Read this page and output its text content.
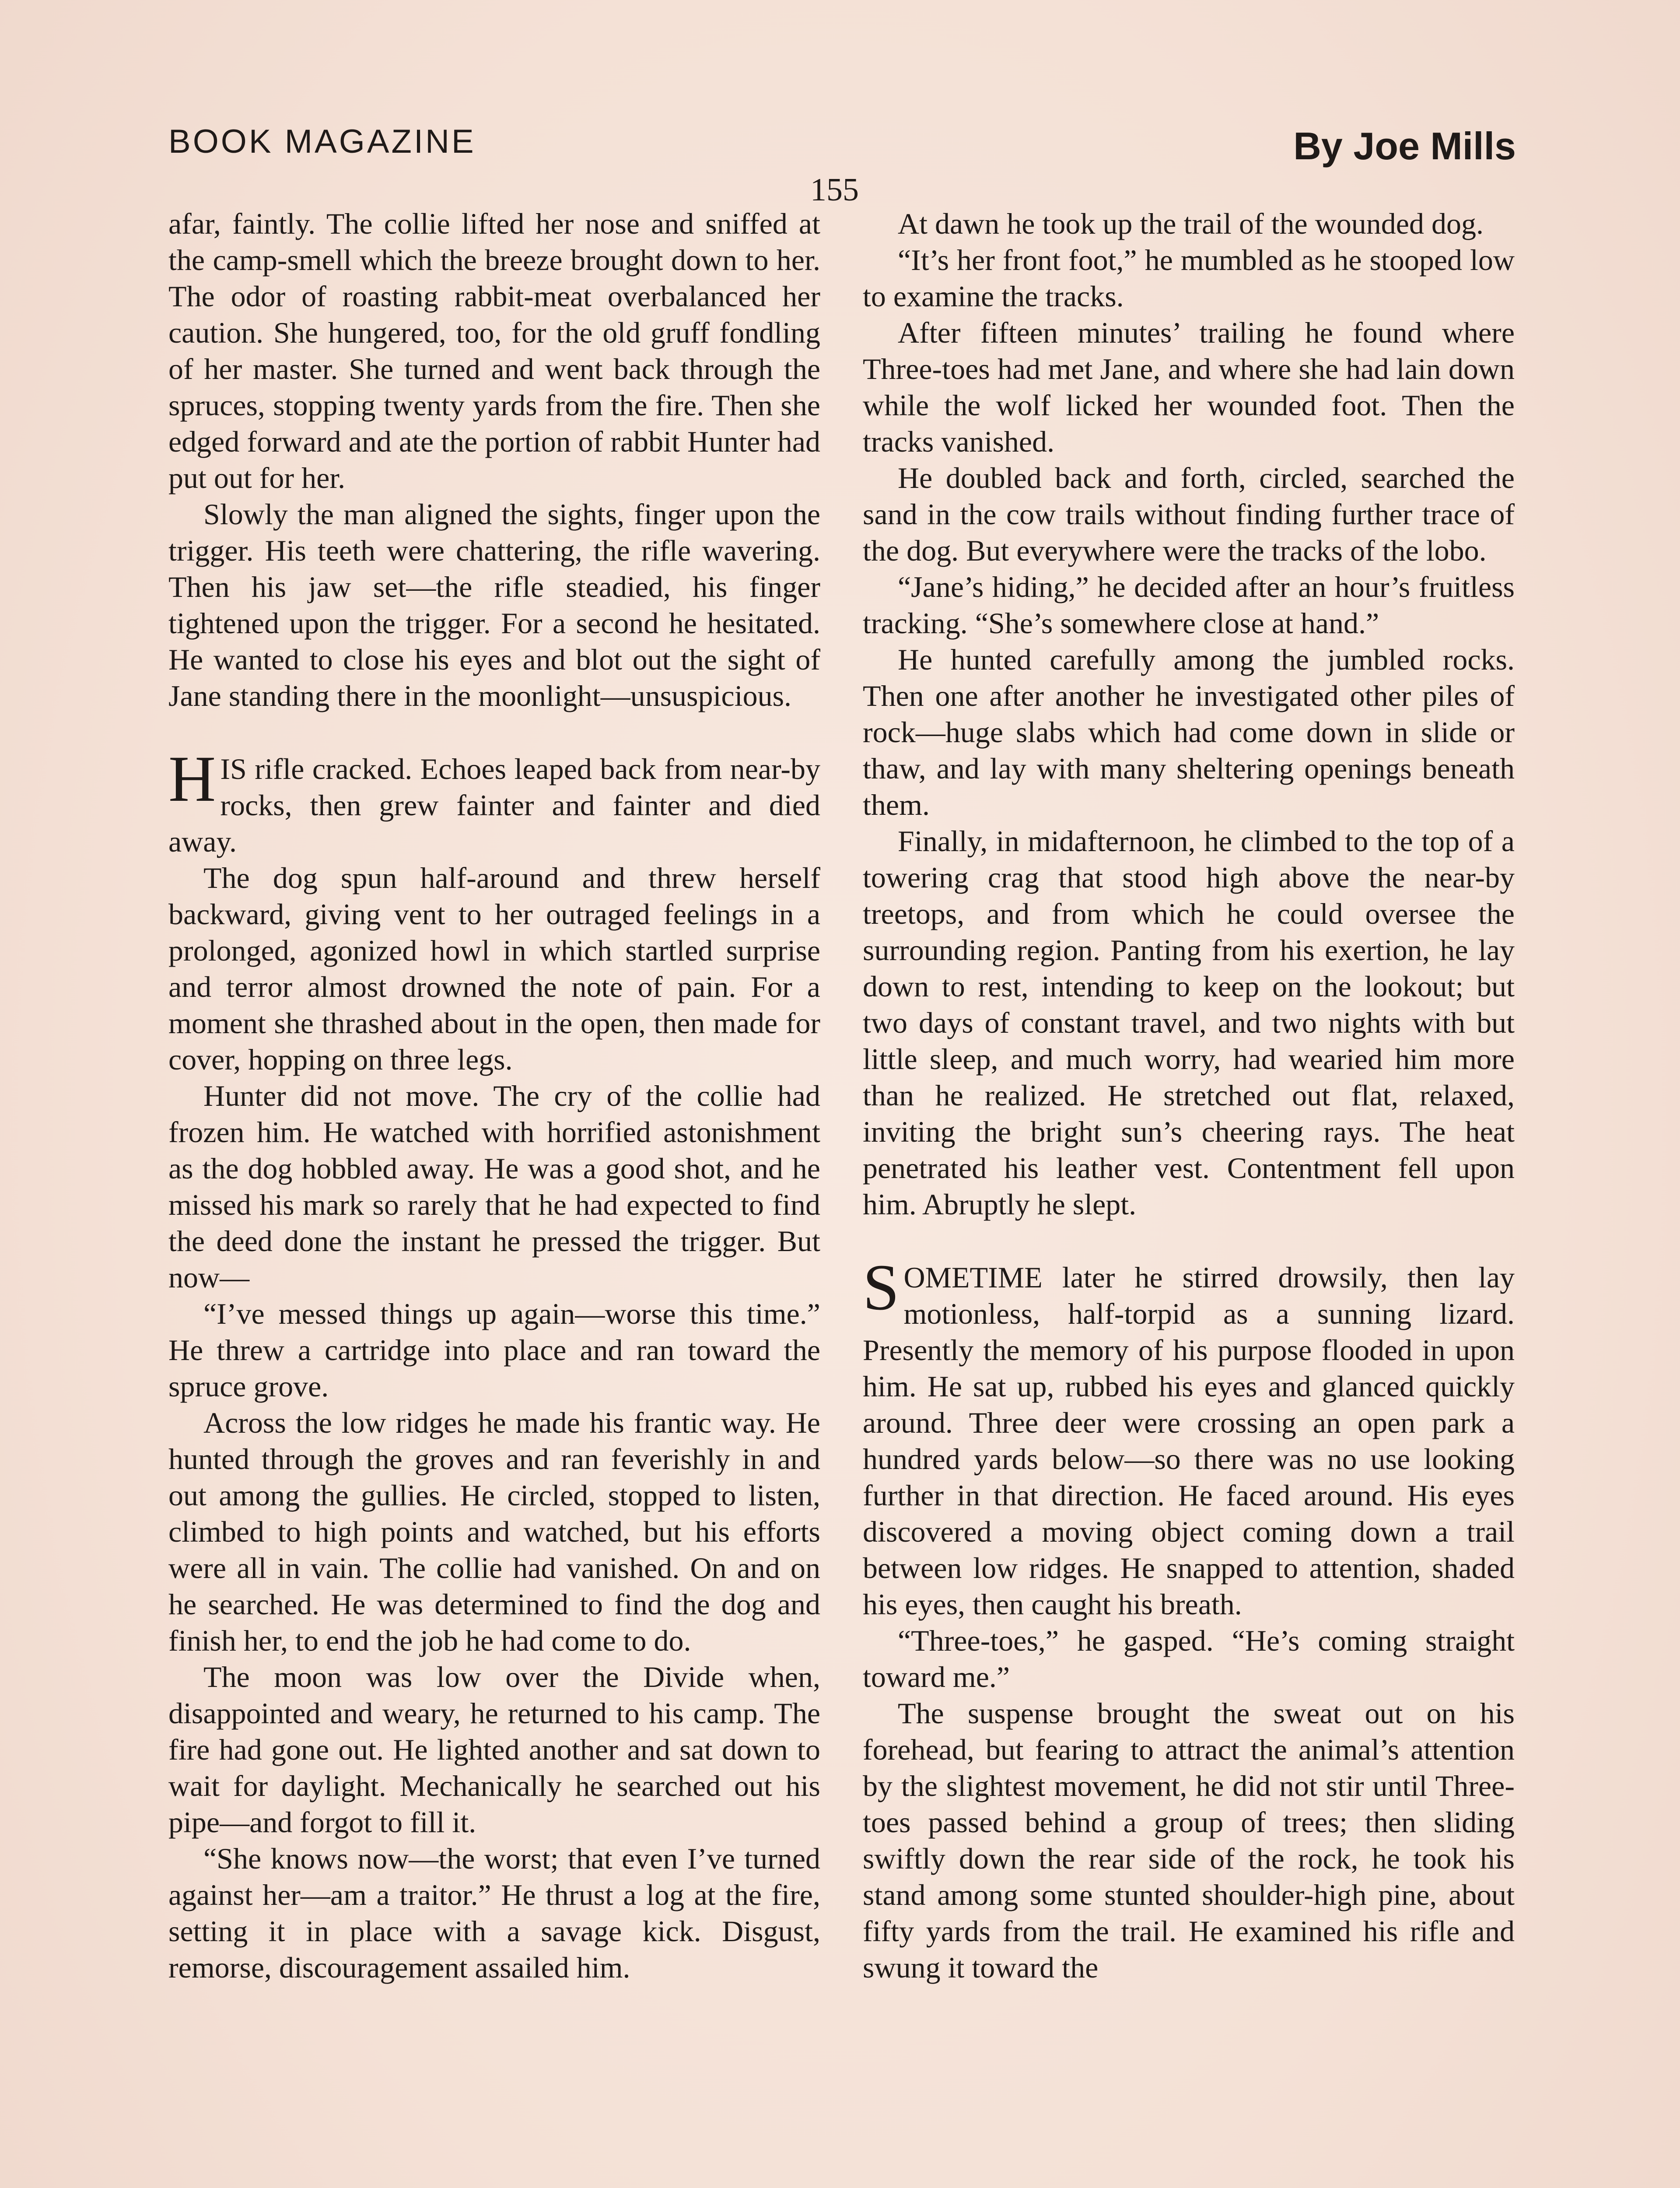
BOOK MAGAZINE	By Joe Mills
155

afar, faintly. The collie lifted her nose and sniffed at the camp-smell which the breeze brought down to her. The odor of roasting rabbit-meat overbalanced her caution. She hungered, too, for the old gruff fondling of her master. She turned and went back through the spruces, stopping twenty yards from the fire. Then she edged forward and ate the portion of rabbit Hunter had put out for her.

Slowly the man aligned the sights, finger upon the trigger. His teeth were chattering, the rifle wavering. Then his jaw set—the rifle steadied, his finger tightened upon the trigger. For a second he hesitated. He wanted to close his eyes and blot out the sight of Jane standing there in the moonlight—unsuspicious.

H IS rifle cracked. Echoes leaped back from near-by rocks, then grew fainter and fainter and died away.

The dog spun half-around and threw herself backward, giving vent to her outraged feelings in a prolonged, agonized howl in which startled surprise and terror almost drowned the note of pain. For a moment she thrashed about in the open, then made for cover, hopping on three legs.

Hunter did not move. The cry of the collie had frozen him. He watched with horrified astonishment as the dog hobbled away. He was a good shot, and he missed his mark so rarely that he had expected to find the deed done the instant he pressed the trigger. But now—

“I’ve messed things up again—worse this time.” He threw a cartridge into place and ran toward the spruce grove.

Across the low ridges he made his frantic way. He hunted through the groves and ran feverishly in and out among the gullies. He circled, stopped to listen, climbed to high points and watched, but his efforts were all in vain. The collie had vanished. On and on he searched. He was determined to find the dog and finish her, to end the job he had come to do.

The moon was low over the Divide when, disappointed and weary, he returned to his camp. The fire had gone out. He lighted another and sat down to wait for daylight. Mechanically he searched out his pipe—and forgot to fill it.

“She knows now—the worst; that even I’ve turned against her—am a traitor.” He thrust a log at the fire, setting it in place with a savage kick. Disgust, remorse, discouragement assailed him.

At dawn he took up the trail of the wounded dog.

“It’s her front foot,” he mumbled as he stooped low to examine the tracks.

After fifteen minutes’ trailing he found where Three-toes had met Jane, and where she had lain down while the wolf licked her wounded foot. Then the tracks vanished.

He doubled back and forth, circled, searched the sand in the cow trails without finding further trace of the dog. But everywhere were the tracks of the lobo.

“Jane’s hiding,” he decided after an hour’s fruitless tracking. “She’s somewhere close at hand.”

He hunted carefully among the jumbled rocks. Then one after another he investigated other piles of rock—huge slabs which had come down in slide or thaw, and lay with many sheltering openings beneath them.

Finally, in midafternoon, he climbed to the top of a towering crag that stood high above the near-by treetops, and from which he could oversee the surrounding region. Panting from his exertion, he lay down to rest, intending to keep on the lookout; but two days of constant travel, and two nights with but little sleep, and much worry, had wearied him more than he realized. He stretched out flat, relaxed, inviting the bright sun’s cheering rays. The heat penetrated his leather vest. Contentment fell upon him. Abruptly he slept.

S OMETIME later he stirred drowsily, then lay motionless, half-torpid as a sunning lizard. Presently the memory of his purpose flooded in upon him. He sat up, rubbed his eyes and glanced quickly around. Three deer were crossing an open park a hundred yards below—so there was no use looking further in that direction. He faced around. His eyes discovered a moving object coming down a trail between low ridges. He snapped to attention, shaded his eyes, then caught his breath.

“Three-toes,” he gasped. “He’s coming straight toward me.”

The suspense brought the sweat out on his forehead, but fearing to attract the animal’s attention by the slightest movement, he did not stir until Three-toes passed behind a group of trees; then sliding swiftly down the rear side of the rock, he took his stand among some stunted shoulder-high pine, about fifty yards from the trail. He examined his rifle and swung it toward the
